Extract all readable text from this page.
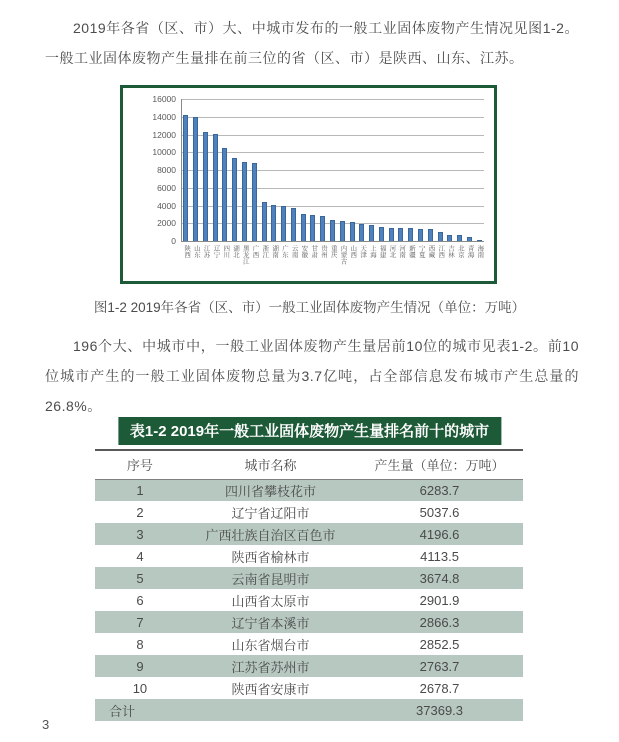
2019年各省（区、市）大、中城市发布的一般工业固体废物产生情况见图1-2。一般工业固体废物产生量排在前三位的省（区、市）是陕西、山东、江苏。

0
2000
4000
6000
8000
10000
12000
14000
16000
陕西 山东 江苏 辽宁 四川 湖北 黑龙江 广西 浙江 湖南 广东 云南 安徽 甘肃 贵州 重庆 内蒙古 山西 天津 上海 福建 河北 河南 新疆 宁夏 西藏 江西 吉林 北京 青海 海南
图1-2 2019年各省（区、市）一般工业固体废物产生情况（单位：万吨）

196个大、中城市中，一般工业固体废物产生量居前10位的城市见表1-2。前10位城市产生的一般工业固体废物总量为3.7亿吨，占全部信息发布城市产生总量的26.8%。

表1-2 2019年一般工业固体废物产生量排名前十的城市
序号	城市名称	产生量（单位：万吨）
1	四川省攀枝花市	6283.7
2	辽宁省辽阳市	5037.6
3	广西壮族自治区百色市	4196.6
4	陕西省榆林市	4113.5
5	云南省昆明市	3674.8
6	山西省太原市	2901.9
7	辽宁省本溪市	2866.3
8	山东省烟台市	2852.5
9	江苏省苏州市	2763.7
10	陕西省安康市	2678.7
合计		37369.3
3
